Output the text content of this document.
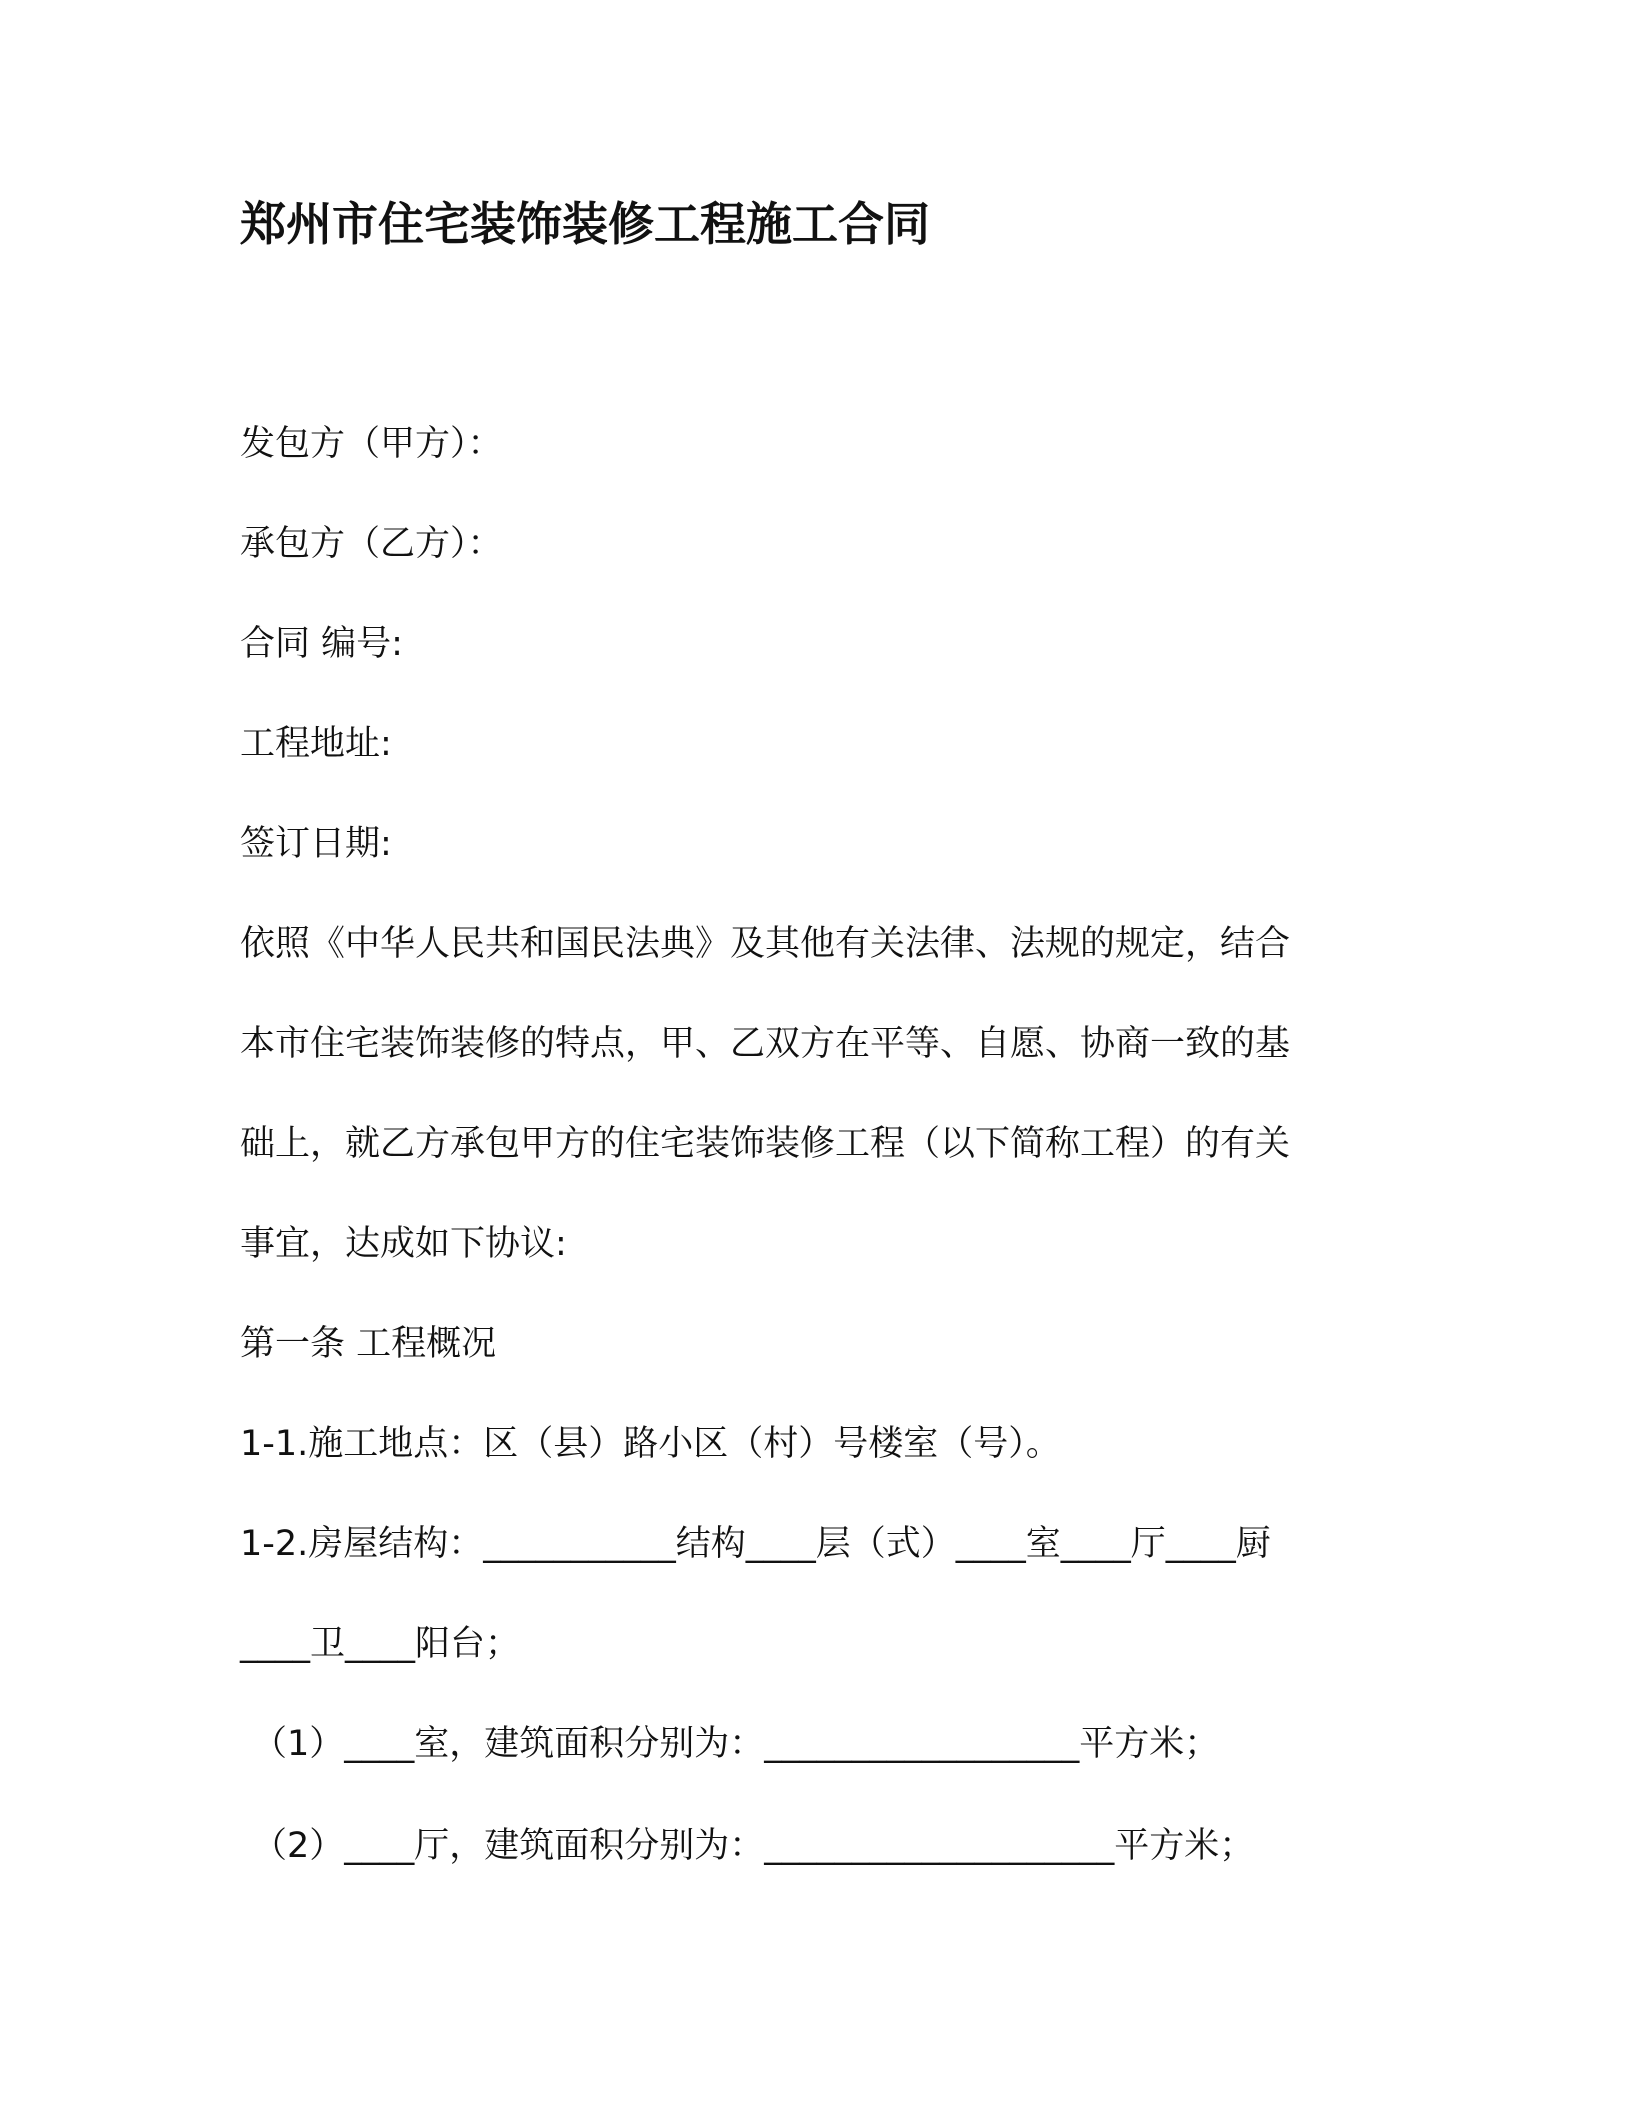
郑州市住宅装饰装修工程施工合同
发包方（甲方）：
承包方（乙方）：
合同 编号:
工程地址:
签订日期:
依照《中华人民共和国民法典》及其他有关法律、法规的规定，结合
本市住宅装饰装修的特点，甲、乙双方在平等、自愿、协商一致的基
础上，就乙方承包甲方的住宅装饰装修工程（以下简称工程）的有关
事宜，达成如下协议:
第一条 工程概况
1-1.施工地点：区（县）路小区（村）号楼室（号）。
1-2.房屋结构：___________结构____层（式）____室____厅____厨
____卫____阳台；
（1）____室，建筑面积分别为：__________________平方米；
（2）____厅，建筑面积分别为：____________________平方米；
